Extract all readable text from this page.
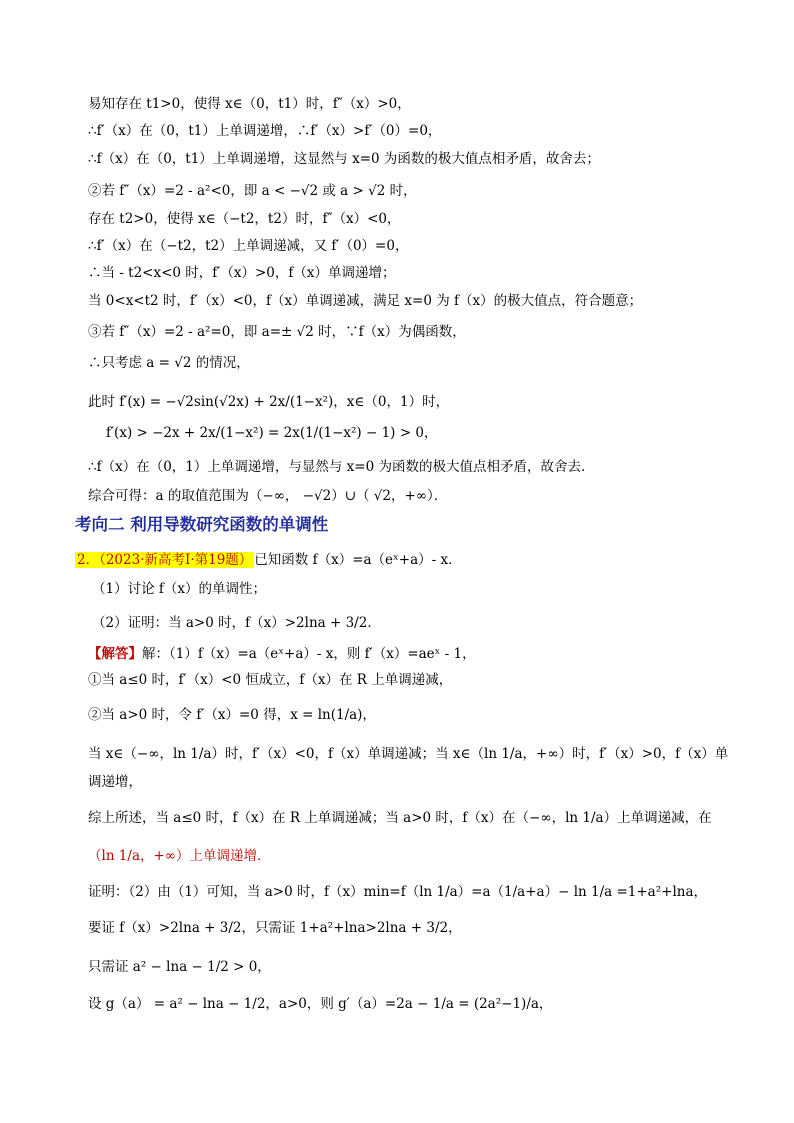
易知存在 t1>0，使得 x∈（0，t1）时，f″（x）>0，
∴f′（x）在（0，t1）上单调递增，∴f′（x）>f′（0）=0，
∴f（x）在（0，t1）上单调递增，这显然与 x=0 为函数的极大值点相矛盾，故舍去；
②若 f″（x）=2 - a²<0，即 a < −√2 或 a > √2 时，
存在 t2>0，使得 x∈（−t2，t2）时，f″（x）<0，
∴f′（x）在（−t2，t2）上单调递减，又 f′（0）=0，
∴当 - t2<x<0 时，f′（x）>0，f（x）单调递增；
当 0<x<t2 时，f′（x）<0，f（x）单调递减，满足 x=0 为 f（x）的极大值点，符合题意；
③若 f″（x）=2 - a²=0，即 a=± √2 时，∵f（x）为偶函数，
∴只考虑 a = √2 的情况，
此时 f′(x) = −√2sin(√2x) + 2x/(1−x²)，x∈（0，1）时，
f′(x) > −2x + 2x/(1−x²) = 2x(1/(1−x²) − 1) > 0，
∴f（x）在（0，1）上单调递增，与显然与 x=0 为函数的极大值点相矛盾，故舍去．
综合可得：a 的取值范围为（−∞， −√2）∪（ √2，+∞）．
考向二 利用导数研究函数的单调性
2．（2023·新高考Ⅰ·第19题） 已知函数 f（x）=a（eˣ+a）- x．
（1）讨论 f（x）的单调性；
（2）证明：当 a>0 时，f（x）>2lna + 3/2．
【解答】解：（1）f（x）=a（eˣ+a）- x，则 f′（x）=aeˣ - 1，
①当 a≤0 时，f′（x）<0 恒成立，f（x）在 R 上单调递减，
②当 a>0 时，令 f′（x）=0 得，x = ln(1/a)，
当 x∈（−∞，ln 1/a）时，f′（x）<0，f（x）单调递减；当 x∈（ln 1/a，+∞）时，f′（x）>0，f（x）单
调递增，
综上所述，当 a≤0 时，f（x）在 R 上单调递减；当 a>0 时，f（x）在（−∞，ln 1/a）上单调递减，在
（ln 1/a，+∞）上单调递增．
证明：（2）由（1）可知，当 a>0 时，f（x）min=f（ln 1/a）=a（1/a+a）− ln 1/a =1+a²+lna，
要证 f（x）>2lna + 3/2，只需证 1+a²+lna>2lna + 3/2，
只需证 a² − lna − 1/2 > 0，
设 g（a） = a² − lna − 1/2，a>0，则 g′（a）=2a − 1/a = (2a²−1)/a，
